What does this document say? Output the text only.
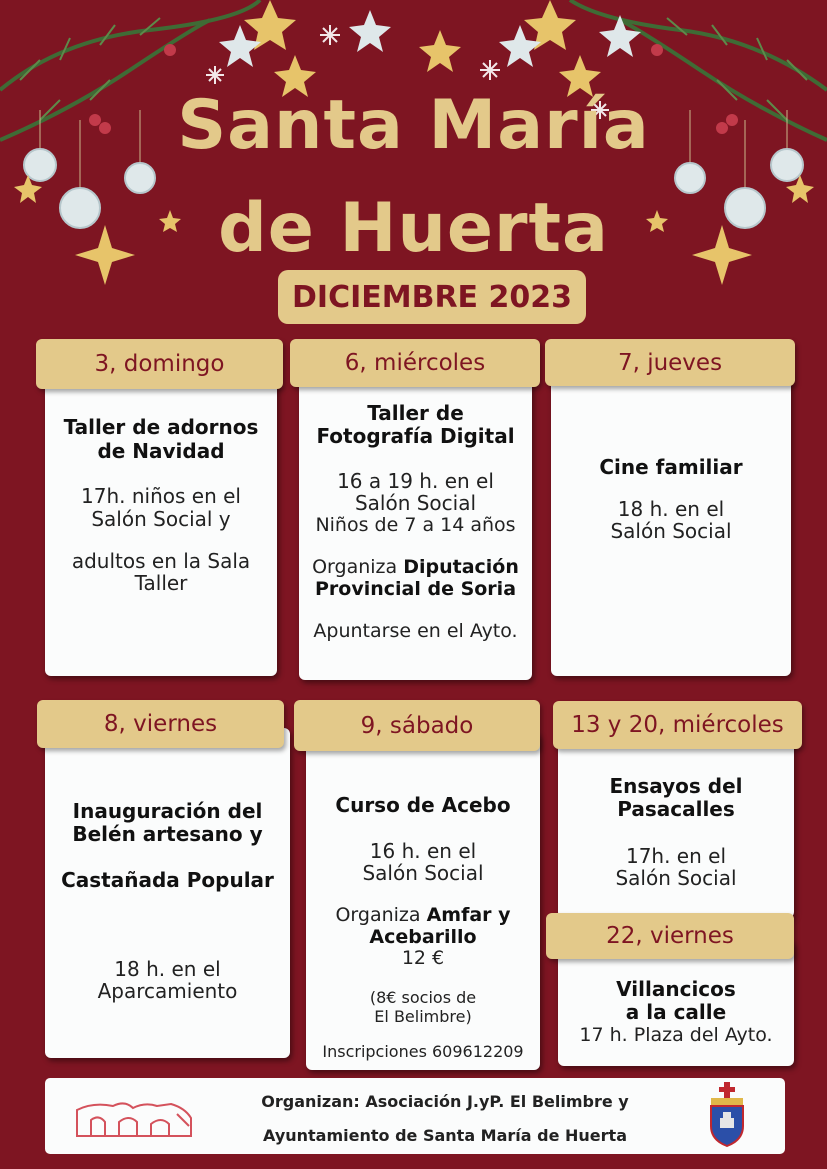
Santa María
de Huerta
DICIEMBRE 2023
Taller de adornos
de Navidad
17h. niños en el
Salón Social y
adultos en la Sala
Taller
3, domingo
Taller de
Fotografía Digital
16 a 19 h. en el
Salón Social
Niños de 7 a 14 años
Organiza Diputación
Provincial de Soria
Apuntarse en el Ayto.
6, miércoles
Cine familiar
18 h. en el
Salón Social
7, jueves
Inauguración del
Belén artesano y
Castañada Popular
18 h. en el
Aparcamiento
8, viernes
Curso de Acebo
16 h. en el
Salón Social
Organiza Amfar y
Acebarillo
12 €
(8€ socios de
El Belimbre)
Inscripciones 609612209
9, sábado
Ensayos del
Pasacalles
17h. en el
Salón Social
13 y 20, miércoles
Villancicos
a la calle
17 h. Plaza del Ayto.
22, viernes
Organizan: Asociación J.yP. El Belimbre y
Ayuntamiento de Santa María de Huerta
